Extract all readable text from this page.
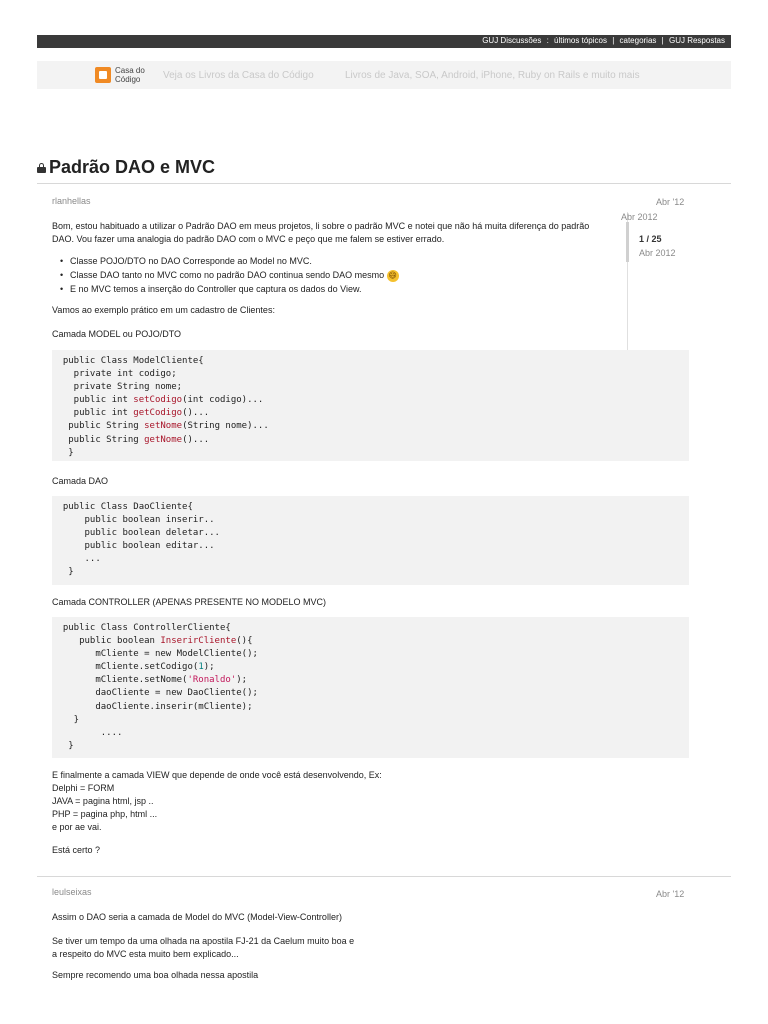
GUJ Discussões : últimos tópicos | categorias | GUJ Respostas
Casa do Código	Veja os Livros da Casa do Código	Livros de Java, SOA, Android, iPhone, Ruby on Rails e muito mais
Padrão DAO e MVC
Abr 2012
1 / 25
Abr 2012
rlanhellas	Abr '12
Bom, estou habituado a utilizar o Padrão DAO em meus projetos, li sobre o padrão MVC e notei que não há muita diferença do padrão
DAO. Vou fazer uma analogia do padrão DAO com o MVC e peço que me falem se estiver errado.
• Classe POJO/DTO no DAO Corresponde ao Model no MVC.
• Classe DAO tanto no MVC como no padrão DAO continua sendo DAO mesmo 😄
• E no MVC temos a inserção do Controller que captura os dados do View.
Vamos ao exemplo prático em um cadastro de Clientes:
Camada MODEL ou POJO/DTO
public Class ModelCliente{
private int codigo;
private String nome;
public int setCodigo(int codigo)...
public int getCodigo()...
public String setNome(String nome)...
public String getNome()...
}
Camada DAO
public Class DaoCliente{
public boolean inserir..
public boolean deletar...
public boolean editar...
...
}
Camada CONTROLLER (APENAS PRESENTE NO MODELO MVC)
public Class ControllerCliente{
public boolean InserirCliente(){
mCliente = new ModelCliente();
mCliente.setCodigo(1);
mCliente.setNome('Ronaldo');
daoCliente = new DaoCliente();
daoCliente.inserir(mCliente);
}
....
}
E finalmente a camada VIEW que depende de onde você está desenvolvendo, Ex:
Delphi = FORM
JAVA = pagina html, jsp ..
PHP = pagina php, html ...
e por ae vai.
Está certo ?
leulseixas	Abr '12
Assim o DAO seria a camada de Model do MVC (Model-View-Controller)
Se tiver um tempo da uma olhada na apostila FJ-21 da Caelum muito boa e
a respeito do MVC esta muito bem explicado...
Sempre recomendo uma boa olhada nessa apostila
